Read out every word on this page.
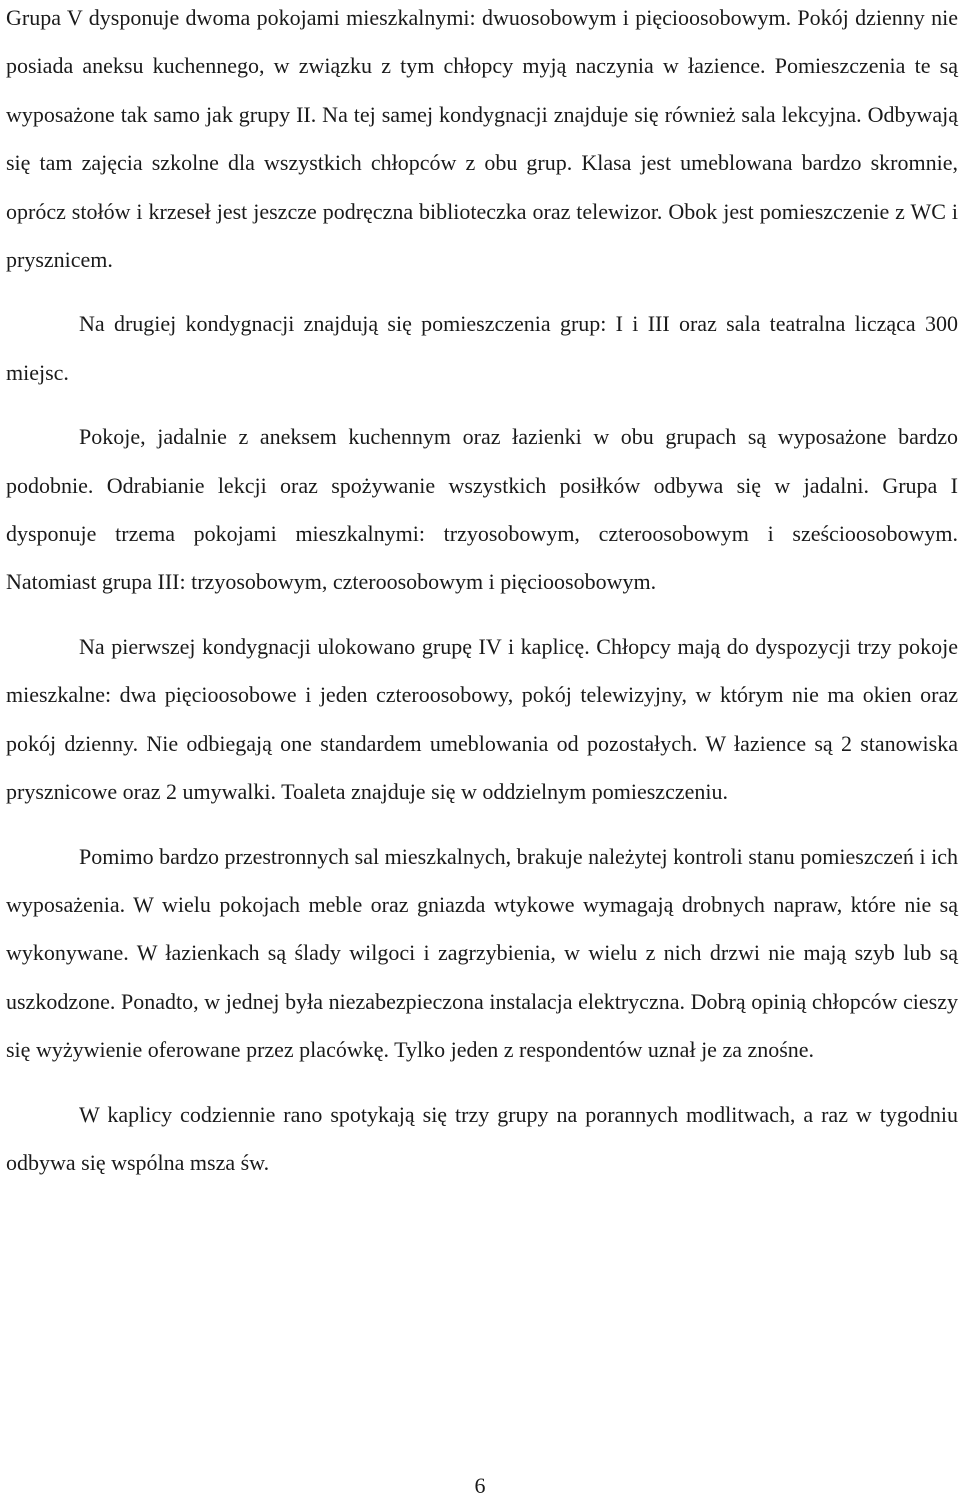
Grupa V dysponuje dwoma pokojami mieszkalnymi: dwuosobowym i pięcioosobowym. Pokój dzienny nie posiada aneksu kuchennego, w związku z tym chłopcy myją naczynia w łazience. Pomieszczenia te są wyposażone tak samo jak grupy II. Na tej samej kondygnacji znajduje się również sala lekcyjna. Odbywają się tam zajęcia szkolne dla wszystkich chłopców z obu grup. Klasa jest umeblowana bardzo skromnie, oprócz stołów i krzeseł jest jeszcze podręczna biblioteczka oraz telewizor. Obok jest pomieszczenie z WC i prysznicem.

Na drugiej kondygnacji znajdują się pomieszczenia grup: I i III oraz sala teatralna licząca 300 miejsc.

Pokoje, jadalnie z aneksem kuchennym oraz łazienki w obu grupach są wyposażone bardzo podobnie. Odrabianie lekcji oraz spożywanie wszystkich posiłków odbywa się w jadalni. Grupa I dysponuje trzema pokojami mieszkalnymi: trzyosobowym, czteroosobowym i sześcioosobowym. Natomiast grupa III: trzyosobowym, czteroosobowym i pięcioosobowym.

Na pierwszej kondygnacji ulokowano grupę IV i kaplicę. Chłopcy mają do dyspozycji trzy pokoje mieszkalne: dwa pięcioosobowe i jeden czteroosobowy, pokój telewizyjny, w którym nie ma okien oraz pokój dzienny. Nie odbiegają one standardem umeblowania od pozostałych. W łazience są 2 stanowiska prysznicowe oraz 2 umywalki. Toaleta znajduje się w oddzielnym pomieszczeniu.

Pomimo bardzo przestronnych sal mieszkalnych, brakuje należytej kontroli stanu pomieszczeń i ich wyposażenia. W wielu pokojach meble oraz gniazda wtykowe wymagają drobnych napraw, które nie są wykonywane. W łazienkach są ślady wilgoci i zagrzybienia, w wielu z nich drzwi nie mają szyb lub są uszkodzone. Ponadto, w jednej była niezabezpieczona instalacja elektryczna. Dobrą opinią chłopców cieszy się wyżywienie oferowane przez placówkę. Tylko jeden z respondentów uznał je za znośne.

W kaplicy codziennie rano spotykają się trzy grupy na porannych modlitwach, a raz w tygodniu odbywa się wspólna msza św.

6
